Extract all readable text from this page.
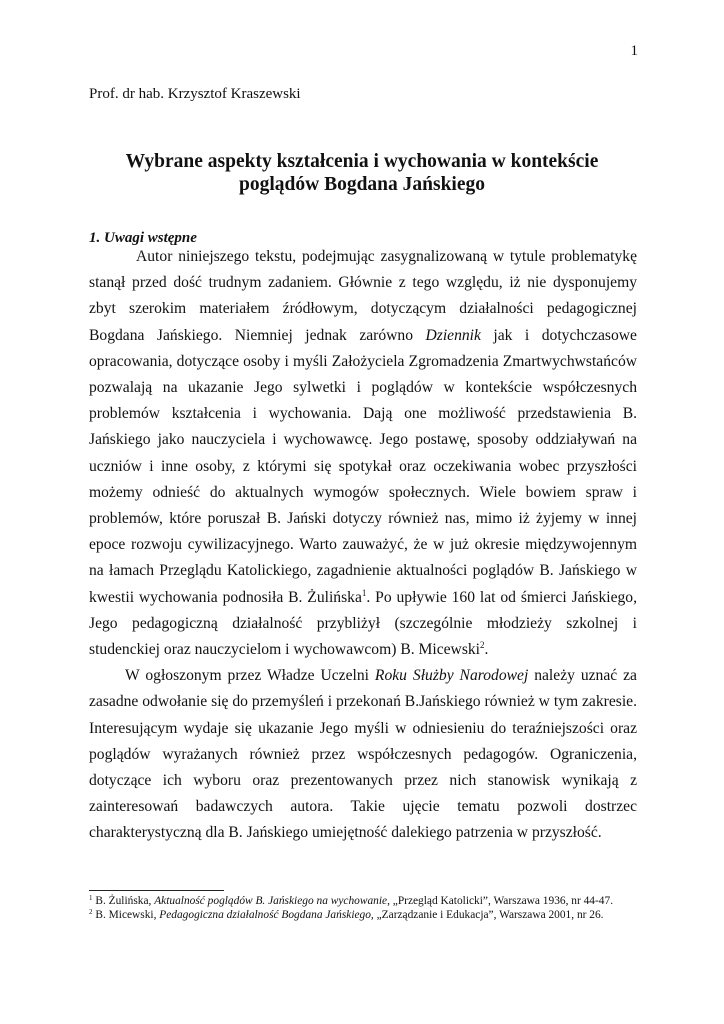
1
Prof. dr hab. Krzysztof Kraszewski
Wybrane aspekty kształcenia i wychowania w kontekście
poglądów Bogdana Jańskiego
1. Uwagi wstępne

Autor niniejszego tekstu, podejmując zasygnalizowaną w tytule problematykę stanął przed dość trudnym zadaniem. Głównie z tego względu, iż nie dysponujemy zbyt szerokim materiałem źródłowym, dotyczącym działalności pedagogicznej Bogdana Jańskiego. Niemniej jednak zarówno Dziennik jak i dotychczasowe opracowania, dotyczące osoby i myśli Założyciela Zgromadzenia Zmartwychwstańców pozwalają na ukazanie Jego sylwetki i poglądów w kontekście współczesnych problemów kształcenia i wychowania. Dają one możliwość przedstawienia B. Jańskiego jako nauczyciela i wychowawcę. Jego postawę, sposoby oddziaływań na uczniów i inne osoby, z którymi się spotykał oraz oczekiwania wobec przyszłości możemy odnieść do aktualnych wymogów społecznych. Wiele bowiem spraw i problemów, które poruszał B. Jański dotyczy również nas, mimo iż żyjemy w innej epoce rozwoju cywilizacyjnego. Warto zauważyć, że w już okresie międzywojennym na łamach Przeglądu Katolickiego, zagadnienie aktualności poglądów B. Jańskiego w kwestii wychowania podnosiła B. Żulińska$^1$. Po upływie 160 lat od śmierci Jańskiego, Jego pedagogiczną działalność przybliżył (szczególnie młodzieży szkolnej i studenckiej oraz nauczycielom i wychowawcom) B. Micewski$^2$.

W ogłoszonym przez Władze Uczelni Roku Służby Narodowej należy uznać za zasadne odwołanie się do przemyśleń i przekonań B.Jańskiego również w tym zakresie. Interesującym wydaje się ukazanie Jego myśli w odniesieniu do teraźniejszości oraz poglądów wyrażanych również przez współczesnych pedagogów. Ograniczenia, dotyczące ich wyboru oraz prezentowanych przez nich stanowisk wynikają z zainteresowań badawczych autora. Takie ujęcie tematu pozwoli dostrzec charakterystyczną dla B. Jańskiego umiejętność dalekiego patrzenia w przyszłość.

$^1$ B. Żulińska, Aktualność poglądów B. Jańskiego na wychowanie, „Przegląd Katolicki”, Warszawa 1936, nr 44-47.
$^2$ B. Micewski, Pedagogiczna działalność Bogdana Jańskiego, „Zarządzanie i Edukacja”, Warszawa 2001, nr 26.
